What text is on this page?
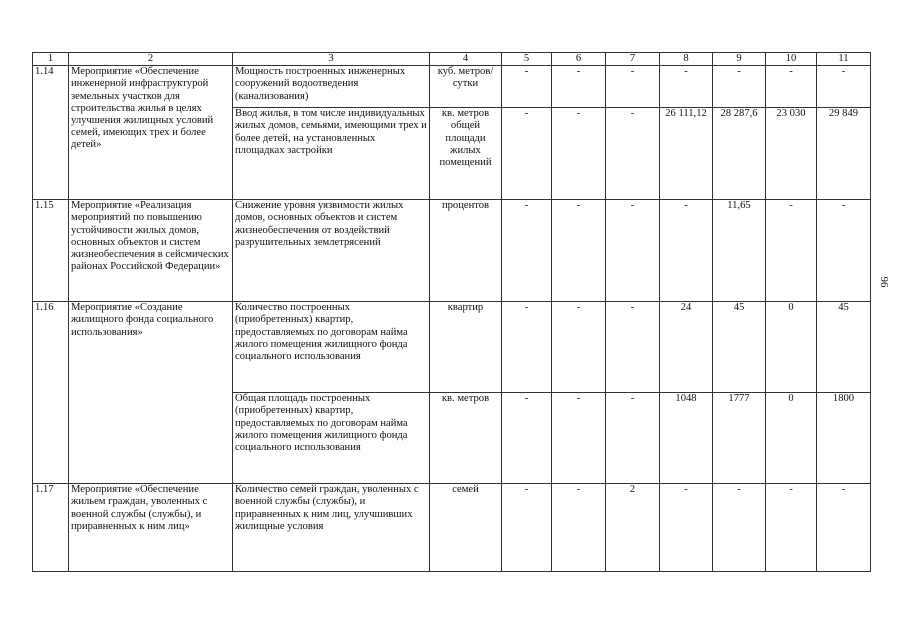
96
1	2	3	4	5	6	7	8	9	10	11
1.14	Мероприятие «Обеспечение инженерной инфраструктурой земельных участков для строительства жилья в целях улучшения жилищных условий семей, имеющих трех и более детей»	Мощность построенных инженерных сооружений водоотведения (канализования)	куб. метров/ сутки	-	-	-	-	-	-	-
		Ввод жилья, в том числе индивидуальных жилых домов, семьями, имеющими трех и более детей, на установленных площадках застройки	кв. метров общей площади жилых помещений	-	-	-	26 111,12	28 287,6	23 030	29 849
1.15	Мероприятие «Реализация мероприятий по повышению устойчивости жилых домов, основных объектов и систем жизнеобеспечения в сейсмических районах Российской Федерации»	Снижение уровня уязвимости жилых домов, основных объектов и систем жизнеобеспечения от воздействий разрушительных землетрясений	процентов	-	-	-	-	11,65	-	-
1.16	Мероприятие «Создание жилищного фонда социального использования»	Количество построенных (приобретенных) квартир, предоставляемых по договорам найма жилого помещения жилищного фонда социального использования	квартир	-	-	-	24	45	0	45
		Общая площадь построенных (приобретенных) квартир, предоставляемых по договорам найма жилого помещения жилищного фонда социального использования	кв. метров	-	-	-	1048	1777	0	1800
1.17	Мероприятие «Обеспечение жильем граждан, уволенных с военной службы (службы), и приравненных к ним лиц»	Количество семей граждан, уволенных с военной службы (службы), и приравненных к ним лиц, улучшивших жилищные условия	семей	-	-	2	-	-	-	-
